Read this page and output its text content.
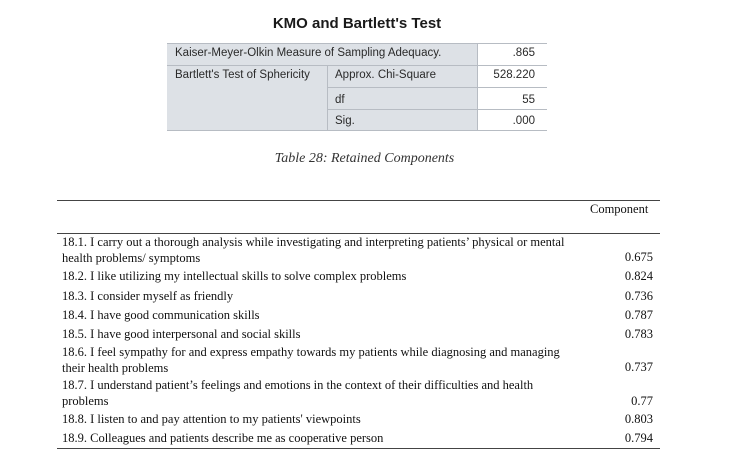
KMO and Bartlett's Test
Kaiser-Meyer-Olkin Measure of Sampling Adequacy.	.865
Bartlett's Test of Sphericity	Approx. Chi-Square	528.220
df	55
Sig.	.000
Table 28: Retained Components
Component
18.1. I carry out a thorough analysis while investigating and interpreting patients’ physical or mental health problems/ symptoms	0.675
18.2. I like utilizing my intellectual skills to solve complex problems	0.824
18.3. I consider myself as friendly	0.736
18.4. I have good communication skills	0.787
18.5. I have good interpersonal and social skills	0.783
18.6. I feel sympathy for and express empathy towards my patients while diagnosing and managing their health problems	0.737
18.7. I understand patient’s feelings and emotions in the context of their difficulties and health problems	0.77
18.8. I listen to and pay attention to my patients' viewpoints	0.803
18.9. Colleagues and patients describe me as cooperative person	0.794
